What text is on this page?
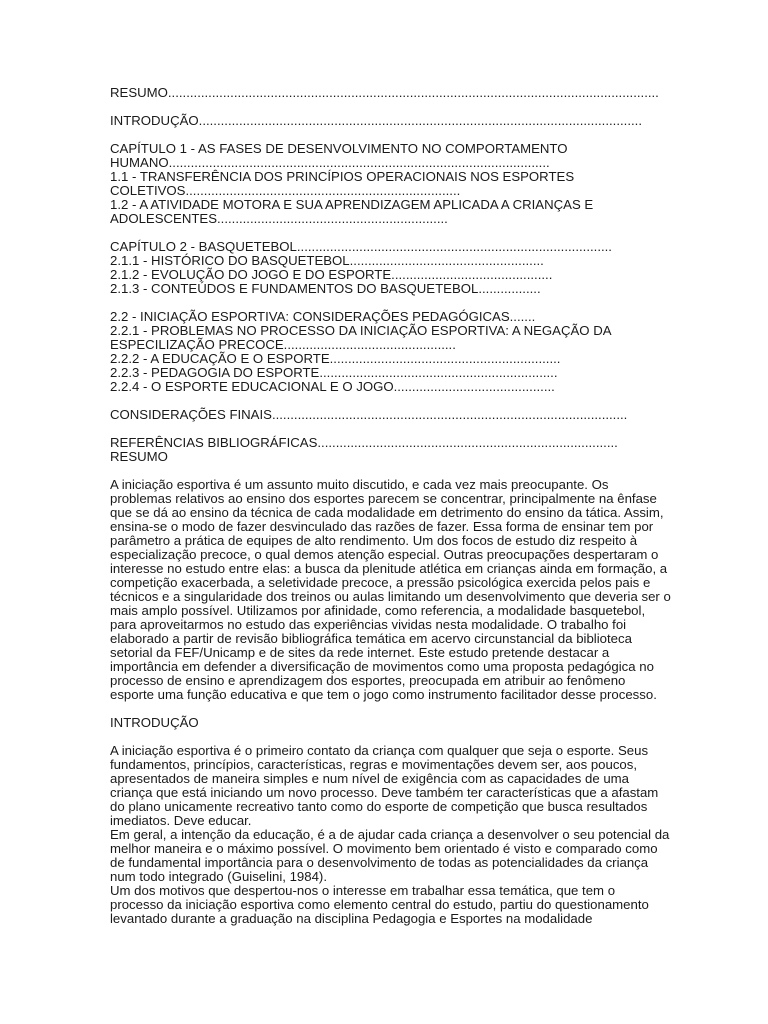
RESUMO......................................................................................................................................
INTRODUÇÃO.........................................................................................................................
CAPÍTULO 1 - AS FASES DE DESENVOLVIMENTO NO COMPORTAMENTO
HUMANO........................................................................................................
1.1 - TRANSFERÊNCIA DOS PRINCÍPIOS OPERACIONAIS NOS ESPORTES
COLETIVOS...........................................................................
1.2 - A ATIVIDADE MOTORA E SUA APRENDIZAGEM APLICADA A CRIANÇAS E
ADOLESCENTES...............................................................
CAPÍTULO 2 - BASQUETEBOL......................................................................................
2.1.1 - HISTÓRICO DO BASQUETEBOL.....................................................
2.1.2 - EVOLUÇÃO DO JOGO E DO ESPORTE............................................
2.1.3 - CONTEÚDOS E FUNDAMENTOS DO BASQUETEBOL.................
2.2 - INICIAÇÃO ESPORTIVA: CONSIDERAÇÕES PEDAGÓGICAS.......
2.2.1 - PROBLEMAS NO PROCESSO DA INICIAÇÃO ESPORTIVA: A NEGAÇÃO DA
ESPECILIZAÇÃO PRECOCE...............................................
2.2.2 - A EDUCAÇÃO E O ESPORTE...............................................................
2.2.3 - PEDAGOGIA DO ESPORTE.................................................................
2.2.4 - O ESPORTE EDUCACIONAL E O JOGO............................................
CONSIDERAÇÕES FINAIS.................................................................................................
REFERÊNCIAS BIBLIOGRÁFICAS..................................................................................
RESUMO
A iniciação esportiva é um assunto muito discutido, e cada vez mais preocupante. Os
problemas relativos ao ensino dos esportes parecem se concentrar, principalmente na ênfase
que se dá ao ensino da técnica de cada modalidade em detrimento do ensino da tática. Assim,
ensina-se o modo de fazer desvinculado das razões de fazer. Essa forma de ensinar tem por
parâmetro a prática de equipes de alto rendimento. Um dos focos de estudo diz respeito à
especialização precoce, o qual demos atenção especial. Outras preocupações despertaram o
interesse no estudo entre elas: a busca da plenitude atlética em crianças ainda em formação, a
competição exacerbada, a seletividade precoce, a pressão psicológica exercida pelos pais e
técnicos e a singularidade dos treinos ou aulas limitando um desenvolvimento que deveria ser o
mais amplo possível. Utilizamos por afinidade, como referencia, a modalidade basquetebol,
para aproveitarmos no estudo das experiências vividas nesta modalidade. O trabalho foi
elaborado a partir de revisão bibliográfica temática em acervo circunstancial da biblioteca
setorial da FEF/Unicamp e de sites da rede internet. Este estudo pretende destacar a
importância em defender a diversificação de movimentos como uma proposta pedagógica no
processo de ensino e aprendizagem dos esportes, preocupada em atribuir ao fenômeno
esporte uma função educativa e que tem o jogo como instrumento facilitador desse processo.
INTRODUÇÃO
A iniciação esportiva é o primeiro contato da criança com qualquer que seja o esporte. Seus
fundamentos, princípios, características, regras e movimentações devem ser, aos poucos,
apresentados de maneira simples e num nível de exigência com as capacidades de uma
criança que está iniciando um novo processo. Deve também ter características que a afastam
do plano unicamente recreativo tanto como do esporte de competição que busca resultados
imediatos. Deve educar.
Em geral, a intenção da educação, é a de ajudar cada criança a desenvolver o seu potencial da
melhor maneira e o máximo possível. O movimento bem orientado é visto e comparado como
de fundamental importância para o desenvolvimento de todas as potencialidades da criança
num todo integrado (Guiselini, 1984).
Um dos motivos que despertou-nos o interesse em trabalhar essa temática, que tem o
processo da iniciação esportiva como elemento central do estudo, partiu do questionamento
levantado durante a graduação na disciplina Pedagogia e Esportes na modalidade
